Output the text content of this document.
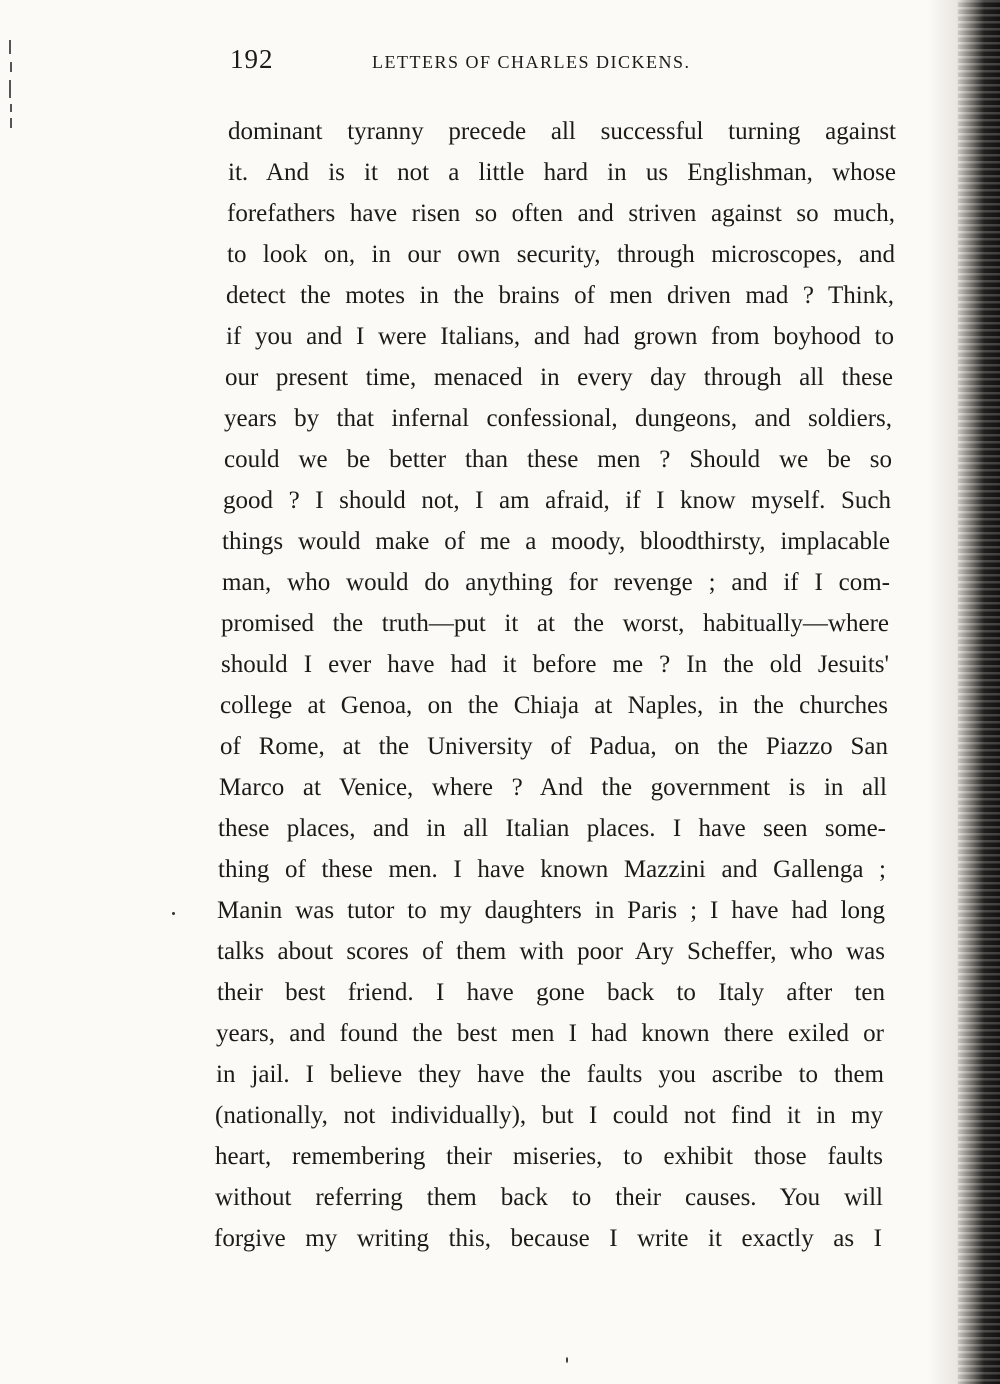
192	LETTERS OF CHARLES DICKENS.
dominant tyranny precede all successful turning against
it. And is it not a little hard in us Englishman, whose
forefathers have risen so often and striven against so much,
to look on, in our own security, through microscopes, and
detect the motes in the brains of men driven mad ? Think,
if you and I were Italians, and had grown from boyhood to
our present time, menaced in every day through all these
years by that infernal confessional, dungeons, and soldiers,
could we be better than these men ? Should we be so
good ? I should not, I am afraid, if I know myself. Such
things would make of me a moody, bloodthirsty, implacable
man, who would do anything for revenge ; and if I com-
promised the truth—put it at the worst, habitually—where
should I ever have had it before me ? In the old Jesuits'
college at Genoa, on the Chiaja at Naples, in the churches
of Rome, at the University of Padua, on the Piazzo San
Marco at Venice, where ? And the government is in all
these places, and in all Italian places. I have seen some-
thing of these men. I have known Mazzini and Gallenga ;
Manin was tutor to my daughters in Paris ; I have had long
talks about scores of them with poor Ary Scheffer, who was
their best friend. I have gone back to Italy after ten
years, and found the best men I had known there exiled or
in jail. I believe they have the faults you ascribe to them
(nationally, not individually), but I could not find it in my
heart, remembering their miseries, to exhibit those faults
without referring them back to their causes. You will
forgive my writing this, because I write it exactly as I
